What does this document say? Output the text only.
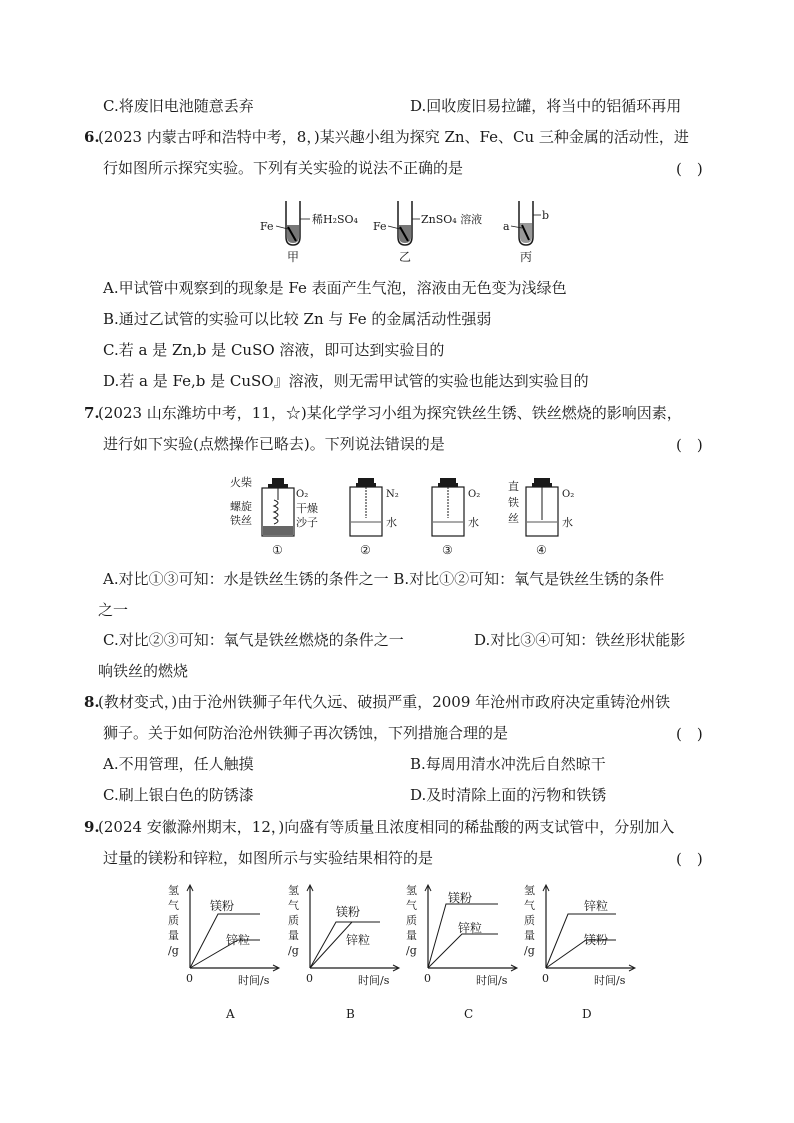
C.将废旧电池随意丢弃	D.回收废旧易拉罐，将当中的铝循环再用
6.
(2023 内蒙古呼和浩特中考，8，)某兴趣小组为探究 Zn、Fe、Cu 三种金属的活动性，进
行如图所示探究实验。下列有关实验的说法不正确的是	(　)
Fe
稀H₂SO₄
甲
Fe
ZnSO₄ 溶液
乙
a
b
丙
A.甲试管中观察到的现象是 Fe 表面产生气泡，溶液由无色变为浅绿色
B.通过乙试管的实验可以比较 Zn 与 Fe 的金属活动性强弱
C.若 a 是 Zn,b 是 CuSO 溶液，即可达到实验目的
D.若 a 是 Fe,b 是 CuSO』溶液，则无需甲试管的实验也能达到实验目的
7.
(2023 山东潍坊中考，11，☆)某化学学习小组为探究铁丝生锈、铁丝燃烧的影响因素，
进行如下实验(点燃操作已略去)。下列说法错误的是	(　)
火柴
螺旋
铁丝
O₂
干燥
沙子
①
N₂
水
②
O₂
水
③
直
铁
丝
O₂
水
④
A.对比①③可知：水是铁丝生锈的条件之一 B.对比①②可知：氧气是铁丝生锈的条件
之一
C.对比②③可知：氧气是铁丝燃烧的条件之一	D.对比③④可知：铁丝形状能影
响铁丝的燃烧
8.
(教材变式，)由于沧州铁狮子年代久远、破损严重，2009 年沧州市政府决定重铸沧州铁
狮子。关于如何防治沧州铁狮子再次锈蚀，下列措施合理的是	(　)
A.不用管理，任人触摸	B.每周用清水冲洗后自然晾干
C.刷上银白色的防锈漆	D.及时清除上面的污物和铁锈
9.
(2024 安徽滁州期末，12，)向盛有等质量且浓度相同的稀盐酸的两支试管中，分别加入
过量的镁粉和锌粒，如图所示与实验结果相符的是	(　)
氢
气
质
量
/g
0	时间/s
镁粉
锌粒
A
氢
气
质
量
/g
0	时间/s
镁粉
锌粒
B
氢
气
质
量
/g
0	时间/s
镁粉
锌粒
C
氢
气
质
量
/g
0	时间/s
镁粉
锌粒
D
